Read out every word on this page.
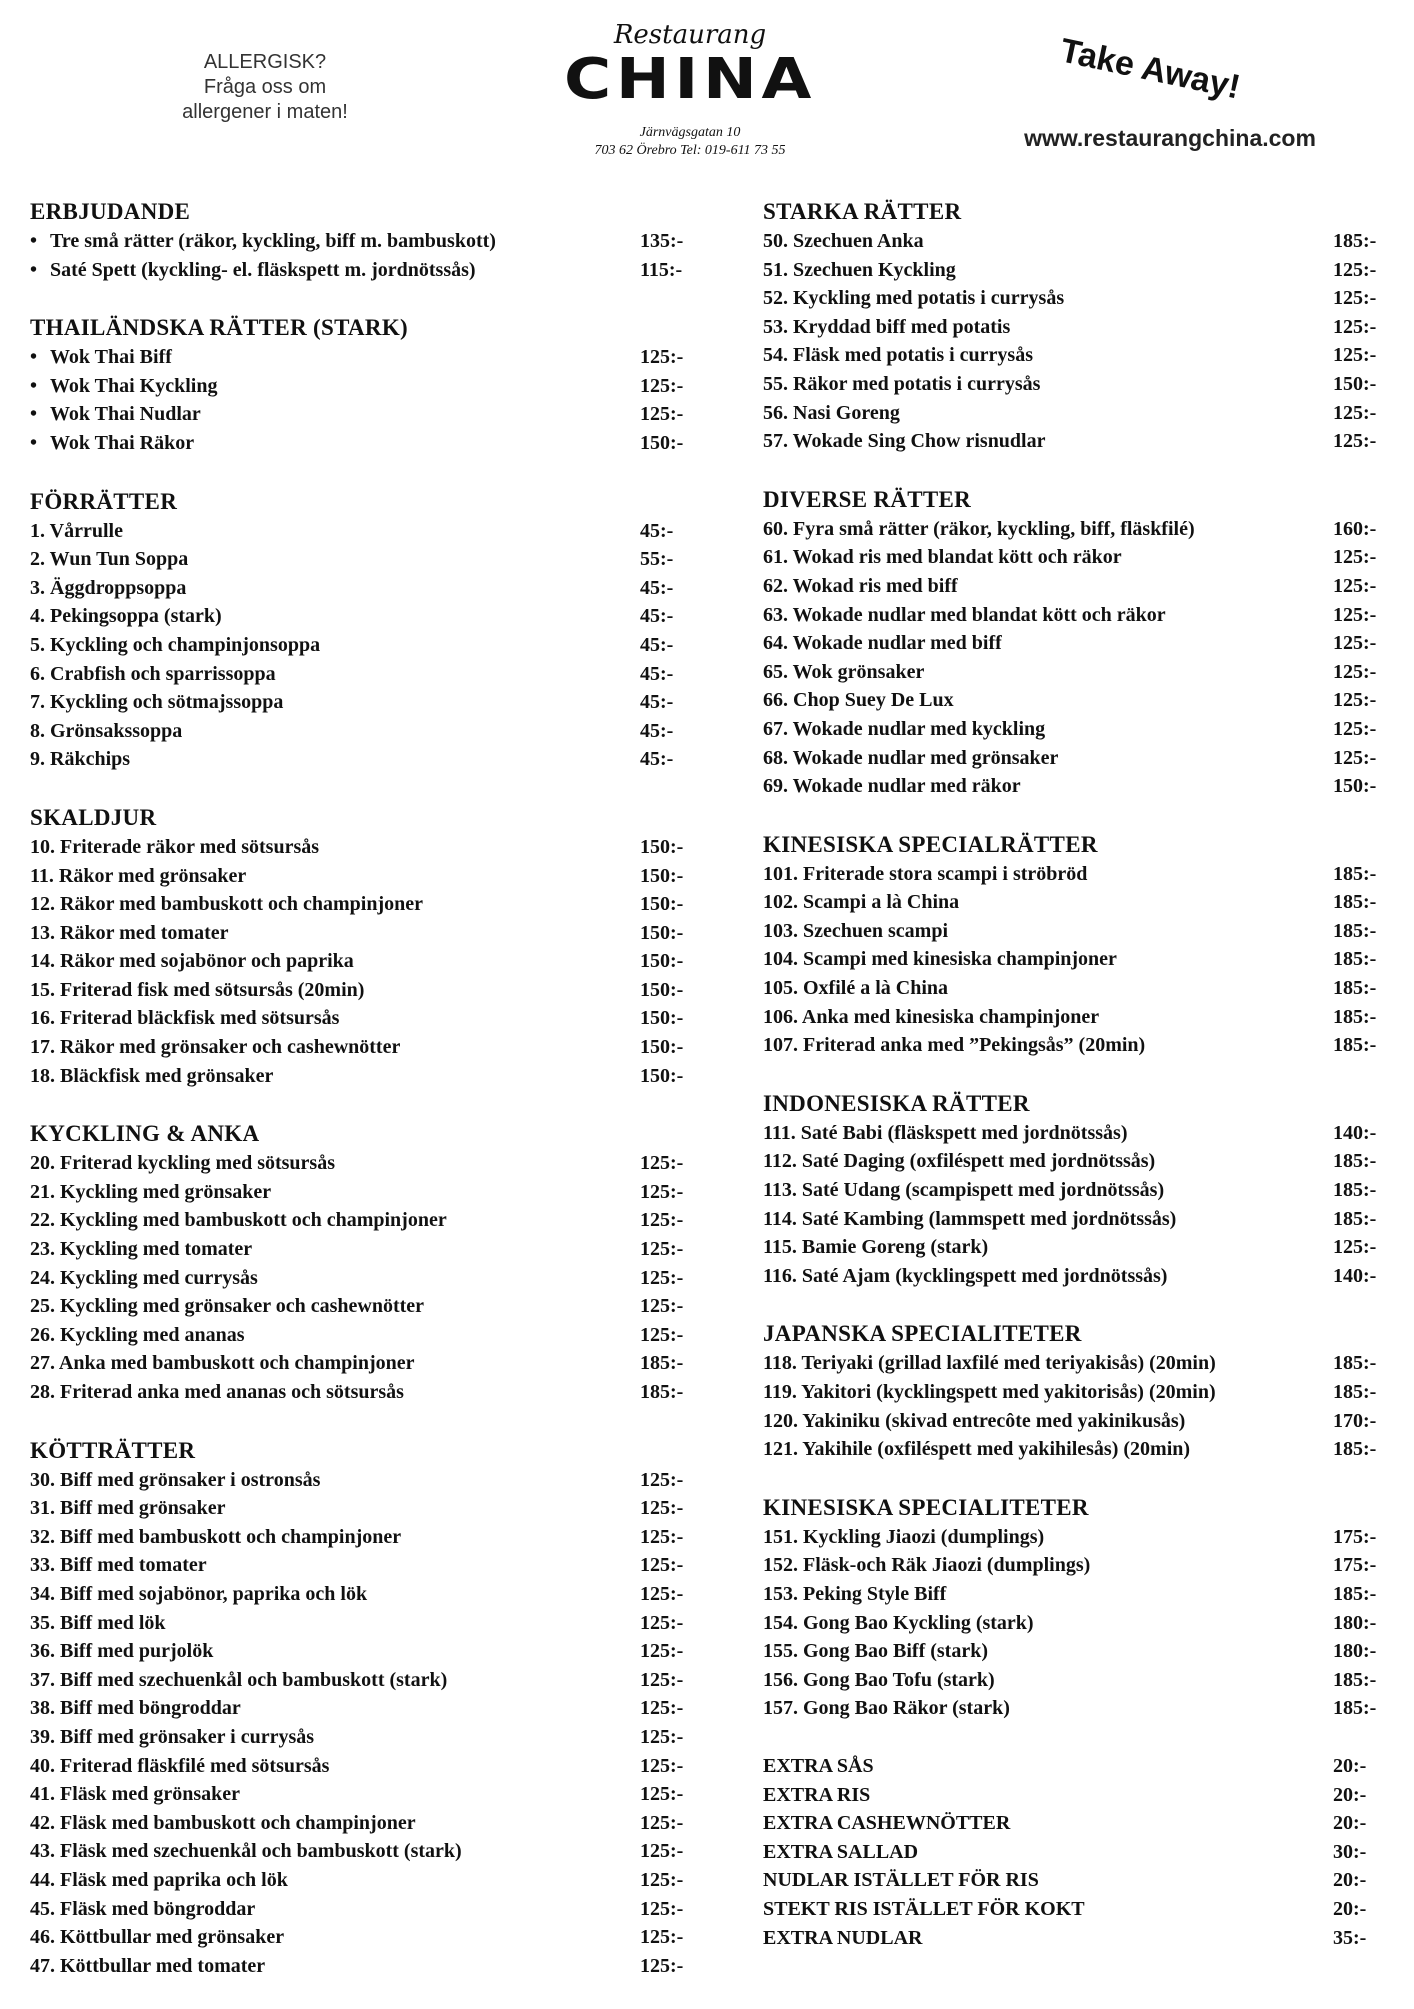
ALLERGISK?
Fråga oss om
allergener i maten!
Restaurang
CHINA
Järnvägsgatan 10
703 62 Örebro Tel: 019-611 73 55
Take Away!
www.restaurangchina.com
ERBJUDANDE
• Tre små rätter (räkor, kyckling, biff m. bambuskott)	135:-
• Saté Spett (kyckling- el. fläskspett m. jordnötssås)	115:-
THAILÄNDSKA RÄTTER (STARK)
• Wok Thai Biff	125:-
• Wok Thai Kyckling	125:-
• Wok Thai Nudlar	125:-
• Wok Thai Räkor	150:-
FÖRRÄTTER
1. Vårrulle	45:-
2. Wun Tun Soppa	55:-
3. Äggdroppsoppa	45:-
4. Pekingsoppa (stark)	45:-
5. Kyckling och champinjonsoppa	45:-
6. Crabfish och sparrissoppa	45:-
7. Kyckling och sötmajssoppa	45:-
8. Grönsakssoppa	45:-
9. Räkchips	45:-
SKALDJUR
10. Friterade räkor med sötsursås	150:-
11. Räkor med grönsaker	150:-
12. Räkor med bambuskott och champinjoner	150:-
13. Räkor med tomater	150:-
14. Räkor med sojabönor och paprika	150:-
15. Friterad fisk med sötsursås (20min)	150:-
16. Friterad bläckfisk med sötsursås	150:-
17. Räkor med grönsaker och cashewnötter	150:-
18. Bläckfisk med grönsaker	150:-
KYCKLING & ANKA
20. Friterad kyckling med sötsursås	125:-
21. Kyckling med grönsaker	125:-
22. Kyckling med bambuskott och champinjoner	125:-
23. Kyckling med tomater	125:-
24. Kyckling med currysås	125:-
25. Kyckling med grönsaker och cashewnötter	125:-
26. Kyckling med ananas	125:-
27. Anka med bambuskott och champinjoner	185:-
28. Friterad anka med ananas och sötsursås	185:-
KÖTTRÄTTER
30. Biff med grönsaker i ostronsås	125:-
31. Biff med grönsaker	125:-
32. Biff med bambuskott och champinjoner	125:-
33. Biff med tomater	125:-
34. Biff med sojabönor, paprika och lök	125:-
35. Biff med lök	125:-
36. Biff med purjolök	125:-
37. Biff med szechuenkål och bambuskott (stark)	125:-
38. Biff med böngroddar	125:-
39. Biff med grönsaker i currysås	125:-
40. Friterad fläskfilé med sötsursås	125:-
41. Fläsk med grönsaker	125:-
42. Fläsk med bambuskott och champinjoner	125:-
43. Fläsk med szechuenkål och bambuskott (stark)	125:-
44. Fläsk med paprika och lök	125:-
45. Fläsk med böngroddar	125:-
46. Köttbullar med grönsaker	125:-
47. Köttbullar med tomater	125:-
STARKA RÄTTER
50. Szechuen Anka	185:-
51. Szechuen Kyckling	125:-
52. Kyckling med potatis i currysås	125:-
53. Kryddad biff med potatis	125:-
54. Fläsk med potatis i currysås	125:-
55. Räkor med potatis i currysås	150:-
56. Nasi Goreng	125:-
57. Wokade Sing Chow risnudlar	125:-
DIVERSE RÄTTER
60. Fyra små rätter (räkor, kyckling, biff, fläskfilé)	160:-
61. Wokad ris med blandat kött och räkor	125:-
62. Wokad ris med biff	125:-
63. Wokade nudlar med blandat kött och räkor	125:-
64. Wokade nudlar med biff	125:-
65. Wok grönsaker	125:-
66. Chop Suey De Lux	125:-
67. Wokade nudlar med kyckling	125:-
68. Wokade nudlar med grönsaker	125:-
69. Wokade nudlar med räkor	150:-
KINESISKA SPECIALRÄTTER
101. Friterade stora scampi i ströbröd	185:-
102. Scampi a là China	185:-
103. Szechuen scampi	185:-
104. Scampi med kinesiska champinjoner	185:-
105. Oxfilé a là China	185:-
106. Anka med kinesiska champinjoner	185:-
107. Friterad anka med ”Pekingsås” (20min)	185:-
INDONESISKA RÄTTER
111. Saté Babi (fläskspett med jordnötssås)	140:-
112. Saté Daging (oxfiléspett med jordnötssås)	185:-
113. Saté Udang (scampispett med jordnötssås)	185:-
114. Saté Kambing (lammspett med jordnötssås)	185:-
115. Bamie Goreng (stark)	125:-
116. Saté Ajam (kycklingspett med jordnötssås)	140:-
JAPANSKA SPECIALITETER
118. Teriyaki (grillad laxfilé med teriyakisås) (20min)	185:-
119. Yakitori (kycklingspett med yakitorisås) (20min)	185:-
120. Yakiniku (skivad entrecôte med yakinikusås)	170:-
121. Yakihile (oxfiléspett med yakihilesås) (20min)	185:-
KINESISKA SPECIALITETER
151. Kyckling Jiaozi (dumplings)	175:-
152. Fläsk-och Räk Jiaozi (dumplings)	175:-
153. Peking Style Biff	185:-
154. Gong Bao Kyckling (stark)	180:-
155. Gong Bao Biff (stark)	180:-
156. Gong Bao Tofu (stark)	185:-
157. Gong Bao Räkor (stark)	185:-
EXTRA SÅS	20:-
EXTRA RIS	20:-
EXTRA CASHEWNÖTTER	20:-
EXTRA SALLAD	30:-
NUDLAR ISTÄLLET FÖR RIS	20:-
STEKT RIS ISTÄLLET FÖR KOKT	20:-
EXTRA NUDLAR	35:-
